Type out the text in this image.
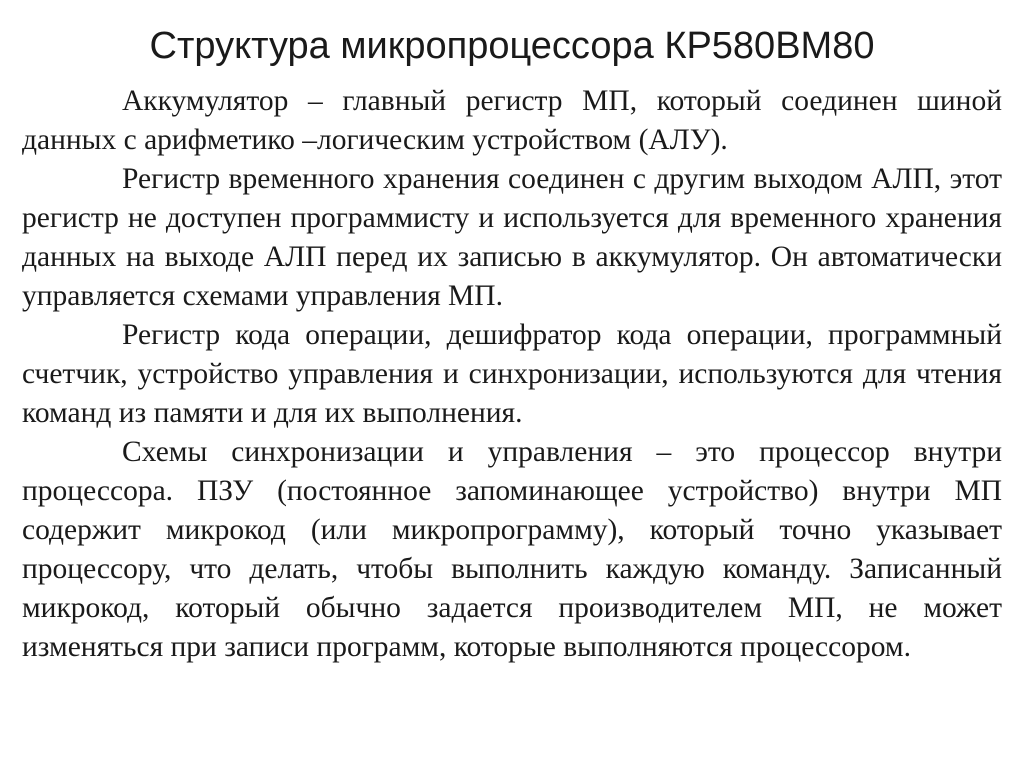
Структура микропроцессора КР580ВМ80

Аккумулятор – главный регистр МП, который соединен шиной данных с арифметико –логическим устройством (АЛУ).

Регистр временного хранения соединен с другим выходом АЛП, этот регистр не доступен программисту и используется для временного хранения данных на выходе АЛП перед их записью в аккумулятор. Он автоматически управляется схемами управления МП.

Регистр кода операции, дешифратор кода операции, программный счетчик, устройство управления и синхронизации, используются для чтения команд из памяти и для их выполнения.

Схемы синхронизации и управления – это процессор внутри процессора. ПЗУ (постоянное запоминающее устройство) внутри МП содержит микрокод (или микропрограмму), который точно указывает процессору, что делать, чтобы выполнить каждую команду. Записанный микрокод, который обычно задается производителем МП, не может изменяться при записи программ, которые выполняются процессором.
